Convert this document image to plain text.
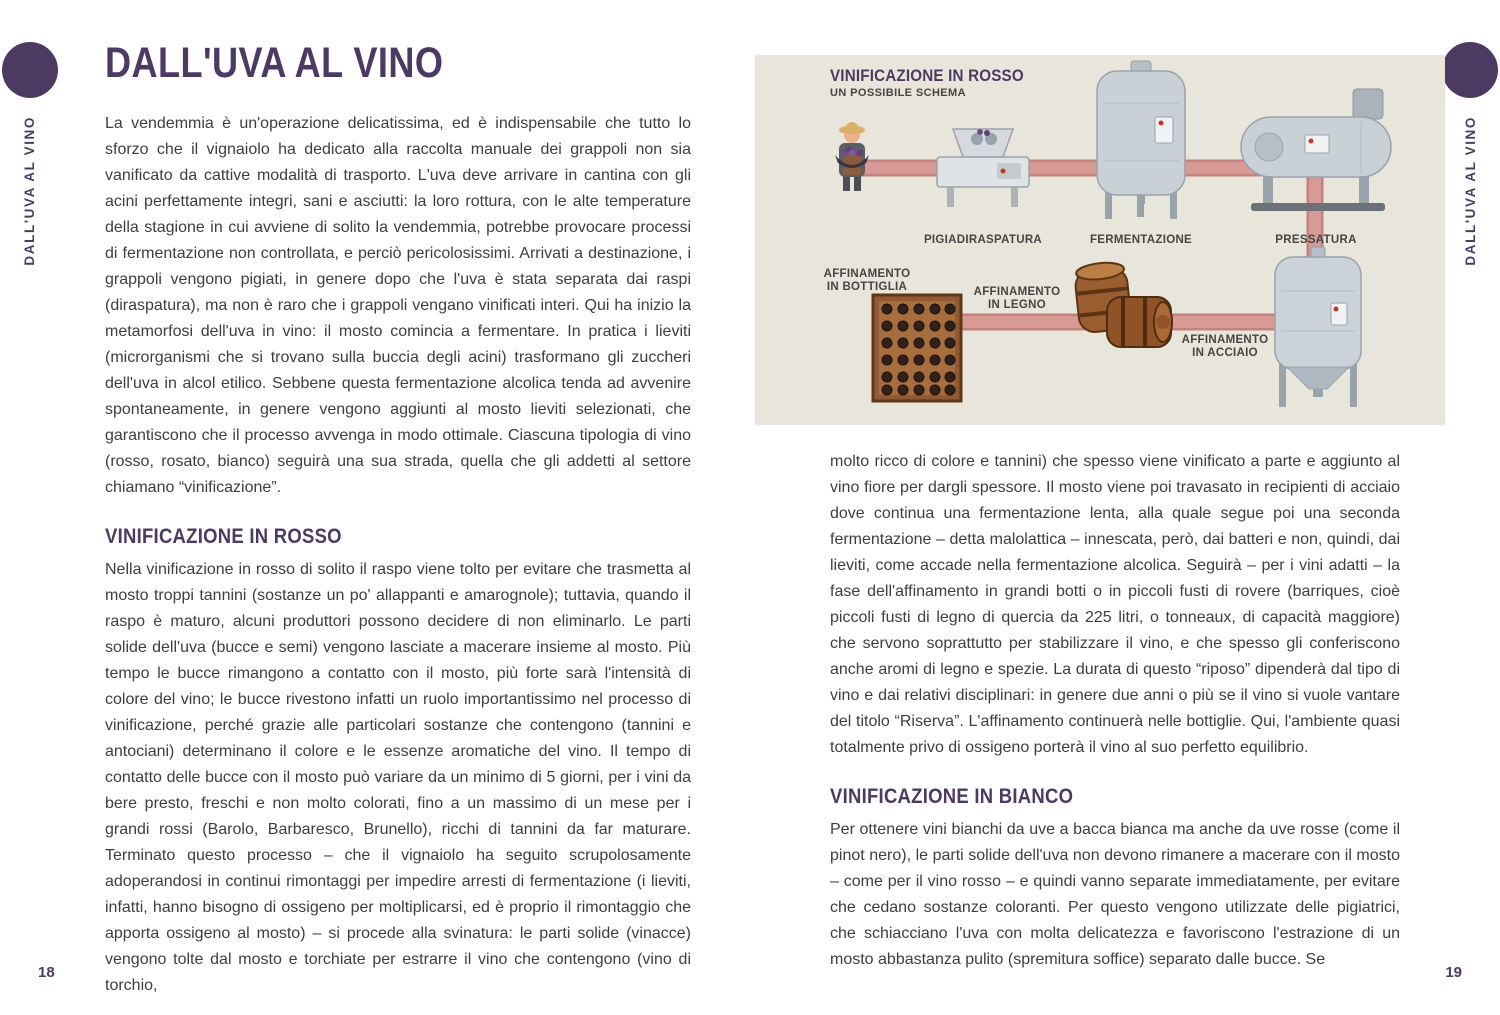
DALL'UVA AL VINO	DALL'UVA AL VINO
DALL'UVA AL VINO

La vendemmia è un'operazione delicatissima, ed è indispensabile che tutto lo sforzo che il vignaiolo ha dedicato alla raccolta manuale dei grappoli non sia vanificato da cattive modalità di trasporto. L'uva deve arrivare in cantina con gli acini perfettamente integri, sani e asciutti: la loro rottura, con le alte temperature della stagione in cui avviene di solito la vendemmia, potrebbe provocare processi di fermentazione non controllata, e perciò pericolosissimi. Arrivati a destinazione, i grappoli vengono pigiati, in genere dopo che l'uva è stata separata dai raspi (diraspatura), ma non è raro che i grappoli vengano vinificati interi. Qui ha inizio la metamorfosi dell'uva in vino: il mosto comincia a fermentare. In pratica i lieviti (microrganismi che si trovano sulla buccia degli acini) trasformano gli zuccheri dell'uva in alcol etilico. Sebbene questa fermentazione alcolica tenda ad avvenire spontaneamente, in genere vengono aggiunti al mosto lieviti selezionati, che garantiscono che il processo avvenga in modo ottimale. Ciascuna tipologia di vino (rosso, rosato, bianco) seguirà una sua strada, quella che gli addetti al settore chiamano “vinificazione”.

VINIFICAZIONE IN ROSSO

Nella vinificazione in rosso di solito il raspo viene tolto per evitare che trasmetta al mosto troppi tannini (sostanze un po' allappanti e amarognole); tuttavia, quando il raspo è maturo, alcuni produttori possono decidere di non eliminarlo. Le parti solide dell'uva (bucce e semi) vengono lasciate a macerare insieme al mosto. Più tempo le bucce rimangono a contatto con il mosto, più forte sarà l'intensità di colore del vino; le bucce rivestono infatti un ruolo importantissimo nel processo di vinificazione, perché grazie alle particolari sostanze che contengono (tannini e antociani) determinano il colore e le essenze aromatiche del vino. Il tempo di contatto delle bucce con il mosto può variare da un minimo di 5 giorni, per i vini da bere presto, freschi e non molto colorati, fino a un massimo di un mese per i grandi rossi (Barolo, Barbaresco, Brunello), ricchi di tannini da far maturare. Terminato questo processo – che il vignaiolo ha seguito scrupolosamente adoperandosi in continui rimontaggi per impedire arresti di fermentazione (i lieviti, infatti, hanno bisogno di ossigeno per moltiplicarsi, ed è proprio il rimontaggio che apporta ossigeno al mosto) – si procede alla svinatura: le parti solide (vinacce) vengono tolte dal mosto e torchiate per estrarre il vino che contengono (vino di torchio,

18
VINIFICAZIONE IN ROSSO
UN POSSIBILE SCHEMA
PIGIADIRASPATURA	FERMENTAZIONE	PRESSATURA
AFFINAMENTO
IN BOTTIGLIA	AFFINAMENTO
IN LEGNO
AFFINAMENTO
IN ACCIAIO

molto ricco di colore e tannini) che spesso viene vinificato a parte e aggiunto al vino fiore per dargli spessore. Il mosto viene poi travasato in recipienti di acciaio dove continua una fermentazione lenta, alla quale segue poi una seconda fermentazione – detta malolattica – innescata, però, dai batteri e non, quindi, dai lieviti, come accade nella fermentazione alcolica. Seguirà – per i vini adatti – la fase dell'affinamento in grandi botti o in piccoli fusti di rovere (barriques, cioè piccoli fusti di legno di quercia da 225 litri, o tonneaux, di capacità maggiore) che servono soprattutto per stabilizzare il vino, e che spesso gli conferiscono anche aromi di legno e spezie. La durata di questo “riposo” dipenderà dal tipo di vino e dai relativi disciplinari: in genere due anni o più se il vino si vuole vantare del titolo “Riserva”. L'affinamento continuerà nelle bottiglie. Qui, l'ambiente quasi totalmente privo di ossigeno porterà il vino al suo perfetto equilibrio.

VINIFICAZIONE IN BIANCO

Per ottenere vini bianchi da uve a bacca bianca ma anche da uve rosse (come il pinot nero), le parti solide dell'uva non devono rimanere a macerare con il mosto – come per il vino rosso – e quindi vanno separate immediatamente, per evitare che cedano sostanze coloranti. Per questo vengono utilizzate delle pigiatrici, che schiacciano l'uva con molta delicatezza e favoriscono l'estrazione di un mosto abbastanza pulito (spremitura soffice) separato dalle bucce. Se

19
